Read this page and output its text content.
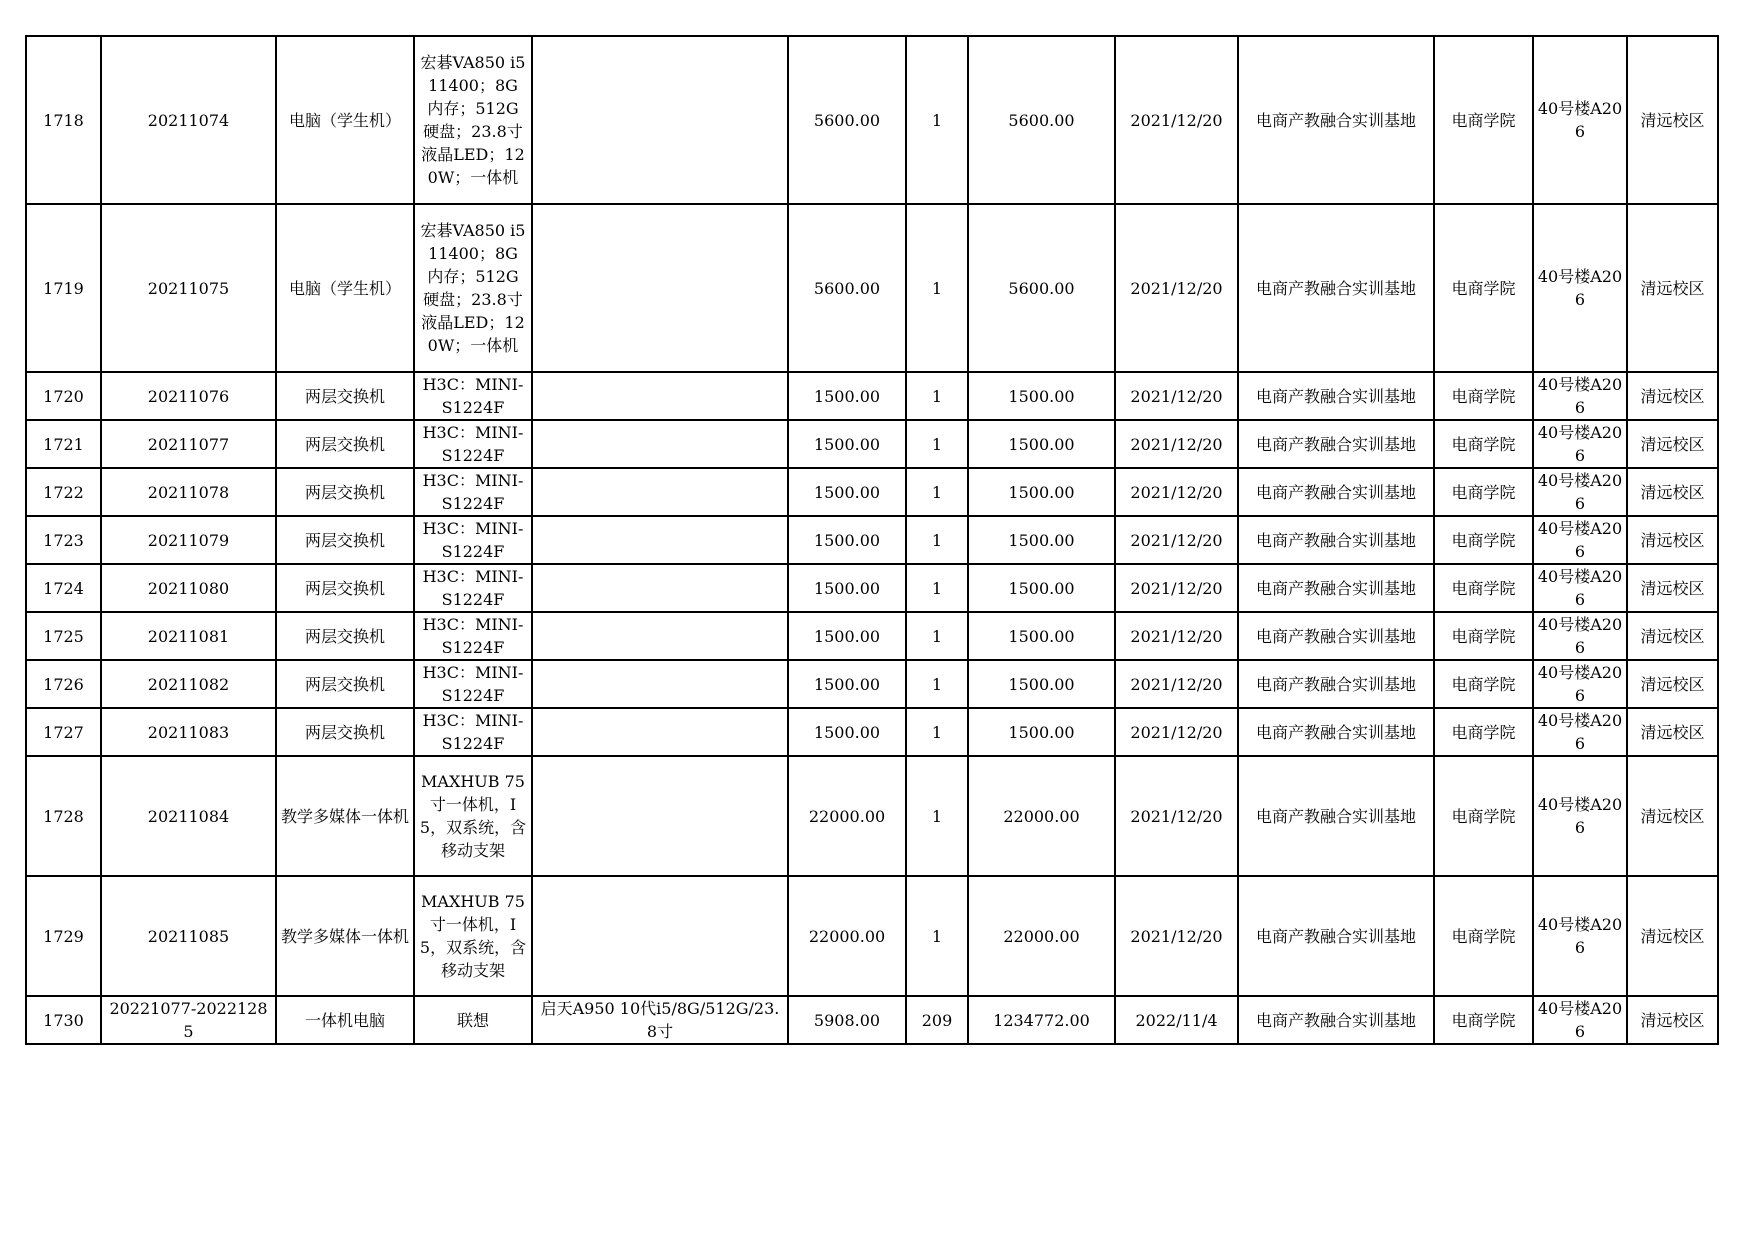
1718	20211074	电脑（学生机）	宏碁VA850 i5 11400；8G 内存；512G 硬盘；23.8寸液晶LED；120W；一体机		5600.00	1	5600.00	2021/12/20	电商产教融合实训基地	电商学院	40号楼A206	清远校区
1719	20211075	电脑（学生机）	宏碁VA850 i5 11400；8G 内存；512G 硬盘；23.8寸液晶LED；120W；一体机		5600.00	1	5600.00	2021/12/20	电商产教融合实训基地	电商学院	40号楼A206	清远校区
1720	20211076	两层交换机	H3C：MINI-S1224F		1500.00	1	1500.00	2021/12/20	电商产教融合实训基地	电商学院	40号楼A206	清远校区
1721	20211077	两层交换机	H3C：MINI-S1224F		1500.00	1	1500.00	2021/12/20	电商产教融合实训基地	电商学院	40号楼A206	清远校区
1722	20211078	两层交换机	H3C：MINI-S1224F		1500.00	1	1500.00	2021/12/20	电商产教融合实训基地	电商学院	40号楼A206	清远校区
1723	20211079	两层交换机	H3C：MINI-S1224F		1500.00	1	1500.00	2021/12/20	电商产教融合实训基地	电商学院	40号楼A206	清远校区
1724	20211080	两层交换机	H3C：MINI-S1224F		1500.00	1	1500.00	2021/12/20	电商产教融合实训基地	电商学院	40号楼A206	清远校区
1725	20211081	两层交换机	H3C：MINI-S1224F		1500.00	1	1500.00	2021/12/20	电商产教融合实训基地	电商学院	40号楼A206	清远校区
1726	20211082	两层交换机	H3C：MINI-S1224F		1500.00	1	1500.00	2021/12/20	电商产教融合实训基地	电商学院	40号楼A206	清远校区
1727	20211083	两层交换机	H3C：MINI-S1224F		1500.00	1	1500.00	2021/12/20	电商产教融合实训基地	电商学院	40号楼A206	清远校区
1728	20211084	教学多媒体一体机	MAXHUB 75寸一体机，I5，双系统，含移动支架		22000.00	1	22000.00	2021/12/20	电商产教融合实训基地	电商学院	40号楼A206	清远校区
1729	20211085	教学多媒体一体机	MAXHUB 75寸一体机，I5，双系统，含移动支架		22000.00	1	22000.00	2021/12/20	电商产教融合实训基地	电商学院	40号楼A206	清远校区
1730	20221077-20221285	一体机电脑	联想	启天A950 10代i5/8G/512G/23.8寸	5908.00	209	1234772.00	2022/11/4	电商产教融合实训基地	电商学院	40号楼A206	清远校区
